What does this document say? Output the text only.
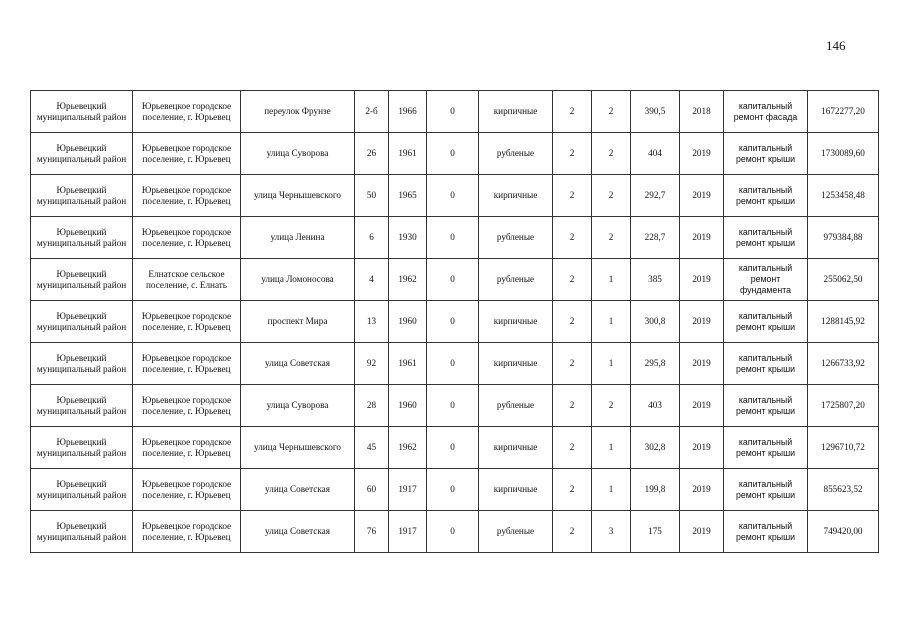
146
Юрьевецкий муниципальный район	Юрьевецкое городское поселение, г. Юрьевец	переулок Фрунзе	2-б	1966	0	кирпичные	2	2	390,5	2018	капитальный ремонт фасада	1672277,20
Юрьевецкий муниципальный район	Юрьевецкое городское поселение, г. Юрьевец	улица Суворова	26	1961	0	рубленые	2	2	404	2019	капитальный ремонт крыши	1730089,60
Юрьевецкий муниципальный район	Юрьевецкое городское поселение, г. Юрьевец	улица Чернышевского	50	1965	0	кирпичные	2	2	292,7	2019	капитальный ремонт крыши	1253458,48
Юрьевецкий муниципальный район	Юрьевецкое городское поселение, г. Юрьевец	улица Ленина	6	1930	0	рубленые	2	2	228,7	2019	капитальный ремонт крыши	979384,88
Юрьевецкий муниципальный район	Елнатское сельское поселение, с. Елнать	улица Ломоносова	4	1962	0	рубленые	2	1	385	2019	капитальный ремонт фундамента	255062,50
Юрьевецкий муниципальный район	Юрьевецкое городское поселение, г. Юрьевец	проспект Мира	13	1960	0	кирпичные	2	1	300,8	2019	капитальный ремонт крыши	1288145,92
Юрьевецкий муниципальный район	Юрьевецкое городское поселение, г. Юрьевец	улица Советская	92	1961	0	кирпичные	2	1	295,8	2019	капитальный ремонт крыши	1266733,92
Юрьевецкий муниципальный район	Юрьевецкое городское поселение, г. Юрьевец	улица Суворова	28	1960	0	рубленые	2	2	403	2019	капитальный ремонт крыши	1725807,20
Юрьевецкий муниципальный район	Юрьевецкое городское поселение, г. Юрьевец	улица Чернышевского	45	1962	0	кирпичные	2	1	302,8	2019	капитальный ремонт крыши	1296710,72
Юрьевецкий муниципальный район	Юрьевецкое городское поселение, г. Юрьевец	улица Советская	60	1917	0	кирпичные	2	1	199,8	2019	капитальный ремонт крыши	855623,52
Юрьевецкий муниципальный район	Юрьевецкое городское поселение, г. Юрьевец	улица Советская	76	1917	0	рубленые	2	3	175	2019	капитальный ремонт крыши	749420,00
